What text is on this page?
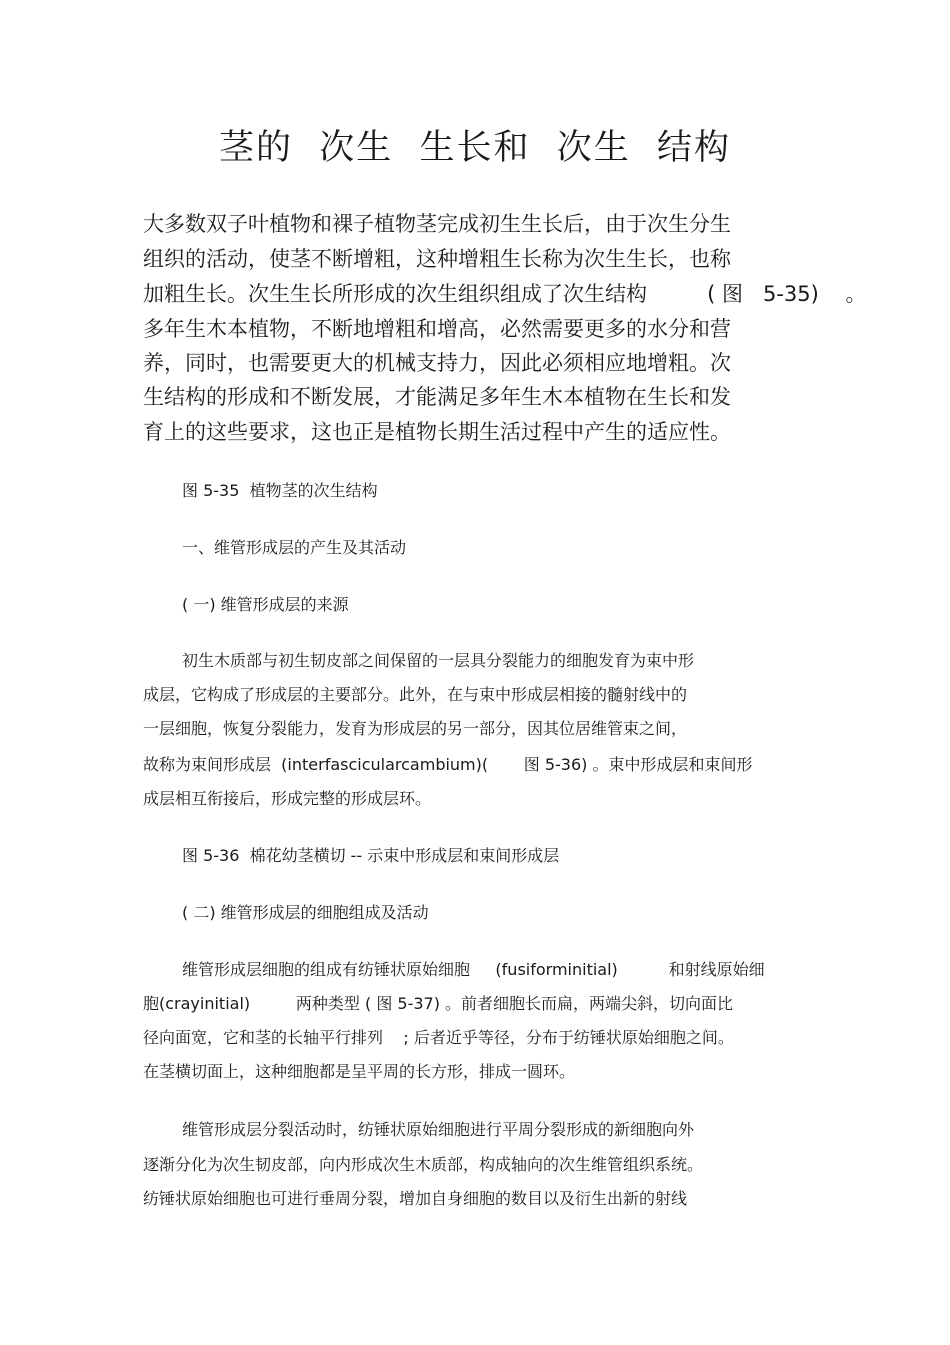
茎的  次生  生长和  次生  结构
大多数双子叶植物和裸子植物茎完成初生生长后，由于次生分生
组织的活动，使茎不断增粗，这种增粗生长称为次生生长，也称
加粗生长。次生生长所形成的次生组织组成了次生结构         ( 图   5-35)    。
多年生木本植物，不断地增粗和增高，必然需要更多的水分和营
养，同时，也需要更大的机械支持力，因此必须相应地增粗。次
生结构的形成和不断发展，才能满足多年生木本植物在生长和发
育上的这些要求，这也正是植物长期生活过程中产生的适应性。
图 5-35  植物茎的次生结构
一、维管形成层的产生及其活动
( 一) 维管形成层的来源
初生木质部与初生韧皮部之间保留的一层具分裂能力的细胞发育为束中形
成层，它构成了形成层的主要部分。此外，在与束中形成层相接的髓射线中的
一层细胞，恢复分裂能力，发育为形成层的另一部分，因其位居维管束之间，
故称为束间形成层  (interfascicularcambium)(       图 5-36) 。束中形成层和束间形
成层相互衔接后，形成完整的形成层环。
图 5-36  棉花幼茎横切 -- 示束中形成层和束间形成层
( 二) 维管形成层的细胞组成及活动
维管形成层细胞的组成有纺锤状原始细胞     (fusiforminitial)          和射线原始细
胞(crayinitial)         两种类型 ( 图 5-37) 。前者细胞长而扁，两端尖斜，切向面比
径向面宽，它和茎的长轴平行排列    ; 后者近乎等径，分布于纺锤状原始细胞之间。
在茎横切面上，这种细胞都是呈平周的长方形，排成一圆环。
维管形成层分裂活动时，纺锤状原始细胞进行平周分裂形成的新细胞向外
逐渐分化为次生韧皮部，向内形成次生木质部，构成轴向的次生维管组织系统。
纺锤状原始细胞也可进行垂周分裂，增加自身细胞的数目以及衍生出新的射线
